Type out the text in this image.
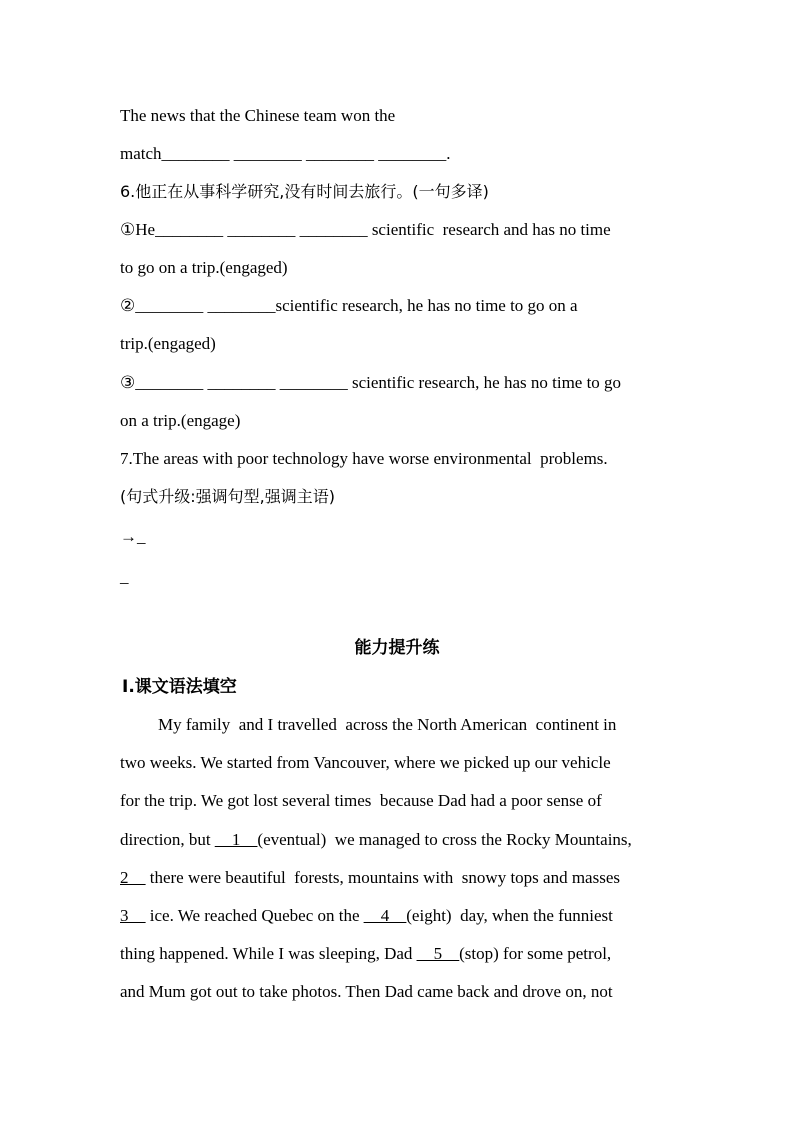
The news that the Chinese team won the
match________ ________ ________ ________.
6.他正在从事科学研究,没有时间去旅行。(一句多译)
①He________ ________ ________ scientific  research and has no time
to go on a trip.(engaged)
②________ ________scientific research, he has no time to go on a
trip.(engaged)
③________ ________ ________ scientific research, he has no time to go
on a trip.(engage)
7.The areas with poor technology have worse environmental  problems.
(句式升级:强调句型,强调主语)
→_
_
能力提升练
Ⅰ.课文语法填空
My family  and I travelled  across the North American  continent in
two weeks. We started from Vancouver, where we picked up our vehicle
for the trip. We got lost several times  because Dad had a poor sense of
direction, but __1__(eventual)  we managed to cross the Rocky Mountains,
2__ there were beautiful  forests, mountains with  snowy tops and masses
3__ ice. We reached Quebec on the __4__(eight)  day, when the funniest
thing happened. While I was sleeping, Dad __5__(stop) for some petrol,
and Mum got out to take photos. Then Dad came back and drove on, not
